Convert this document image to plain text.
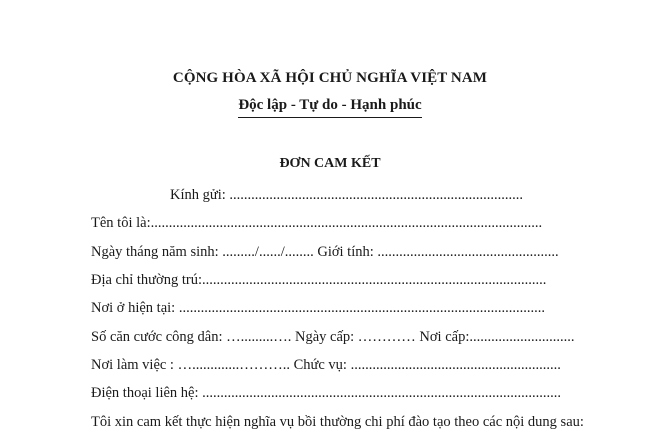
CỘNG HÒA XÃ HỘI CHỦ NGHĨA VIỆT NAM
Độc lập - Tự do - Hạnh phúc
ĐƠN CAM KẾT
Kính gửi: .................................................................................
Tên tôi là:............................................................................................................
Ngày tháng năm sinh: ........./....../........ Giới tính: ..................................................
Địa chỉ thường trú:...............................................................................................
Nơi ở hiện tại: .....................................................................................................
Số căn cước công dân: ….........…. Ngày cấp: ………… Nơi cấp:.............................
Nơi làm việc : ….............……….. Chức vụ: ..........................................................
Điện thoại liên hệ: ...................................................................................................
Tôi xin cam kết thực hiện nghĩa vụ bồi thường chi phí đào tạo theo các nội dung sau:
